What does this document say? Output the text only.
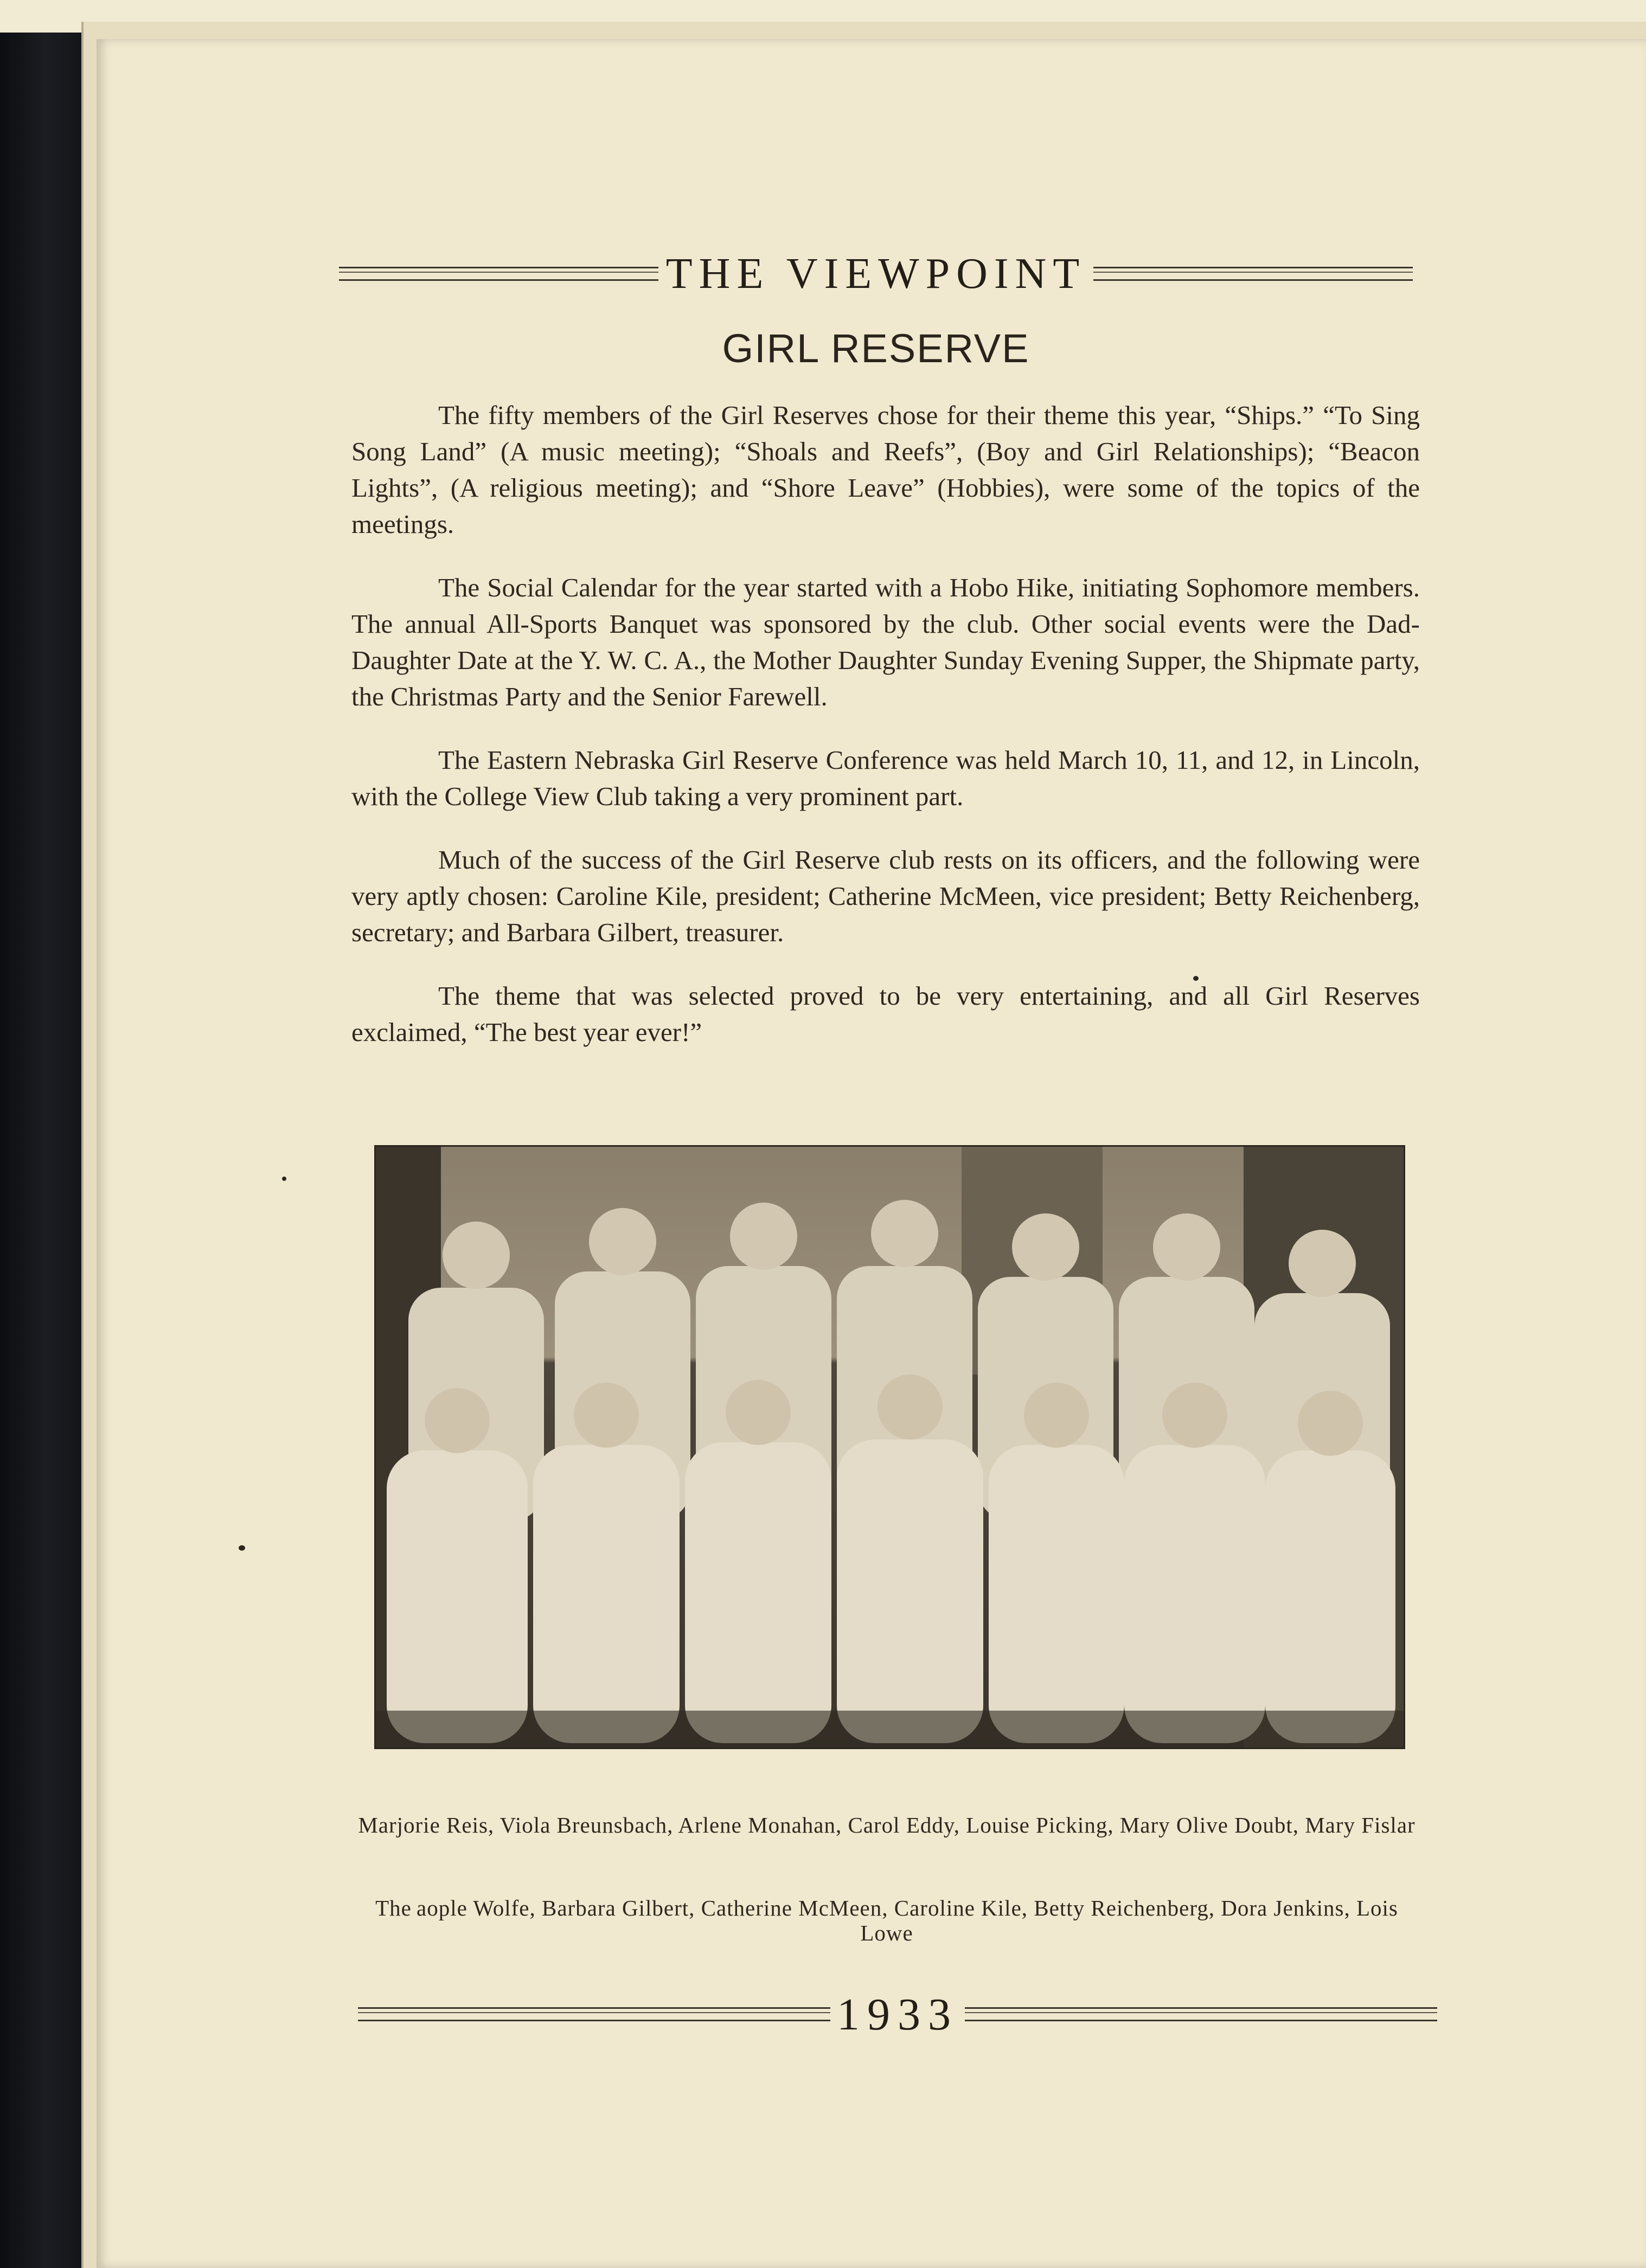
THE VIEWPOINT
GIRL RESERVE

The fifty members of the Girl Reserves chose for their theme this year, “Ships.” “To Sing Song Land” (A music meeting); “Shoals and Reefs”, (Boy and Girl Relationships); “Beacon Lights”, (A religious meeting); and “Shore Leave” (Hobbies), were some of the topics of the meetings.

The Social Calendar for the year started with a Hobo Hike, initiating Sophomore members. The annual All-Sports Banquet was sponsored by the club. Other social events were the Dad-Daughter Date at the Y. W. C. A., the Mother Daughter Sunday Evening Supper, the Shipmate party, the Christmas Party and the Senior Farewell.

The Eastern Nebraska Girl Reserve Conference was held March 10, 11, and 12, in Lincoln, with the College View Club taking a very prominent part.

Much of the success of the Girl Reserve club rests on its officers, and the following were very aptly chosen: Caroline Kile, president; Catherine McMeen, vice president; Betty Reichenberg, secretary; and Barbara Gilbert, treasurer.

The theme that was selected proved to be very entertaining, and all Girl Reserves exclaimed, “The best year ever!”

Marjorie Reis, Viola Breunsbach, Arlene Monahan, Carol Eddy, Louise Picking, Mary Olive Doubt, Mary Fislar
The aople Wolfe, Barbara Gilbert, Catherine McMeen, Caroline Kile, Betty Reichenberg, Dora Jenkins, Lois Lowe
1933
